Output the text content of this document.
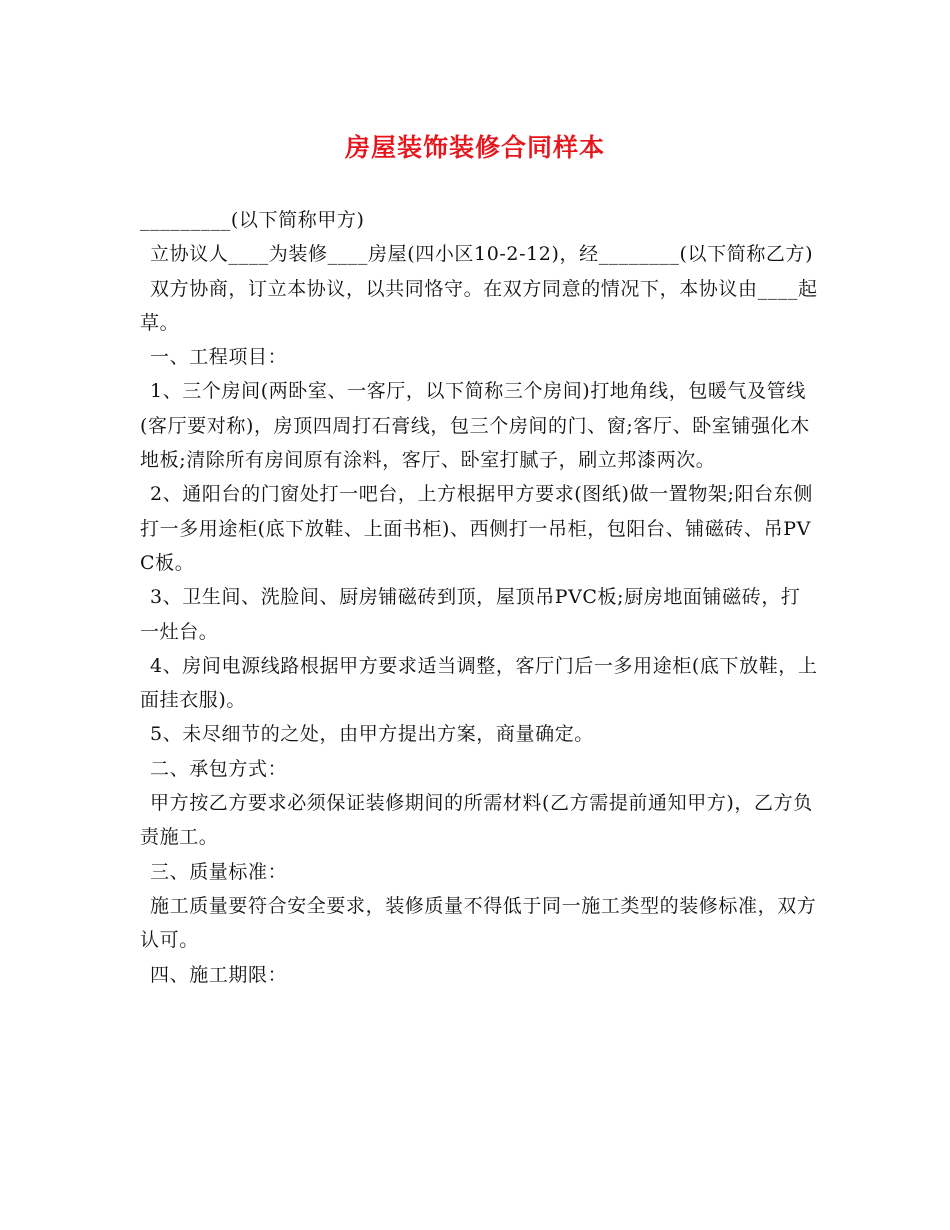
房屋装饰装修合同样本

_________(以下简称甲方)

立协议人____为装修____房屋(四小区10-2-12)，经________(以下简称乙方)

双方协商，订立本协议，以共同恪守。在双方同意的情况下，本协议由____起草。

一、工程项目：

1、三个房间(两卧室、一客厅，以下简称三个房间)打地角线，包暖气及管线(客厅要对称)，房顶四周打石膏线，包三个房间的门、窗;客厅、卧室铺强化木地板;清除所有房间原有涂料，客厅、卧室打腻子，刷立邦漆两次。

2、通阳台的门窗处打一吧台，上方根据甲方要求(图纸)做一置物架;阳台东侧打一多用途柜(底下放鞋、上面书柜)、西侧打一吊柜，包阳台、铺磁砖、吊PVC板。

3、卫生间、洗脸间、厨房铺磁砖到顶，屋顶吊PVC板;厨房地面铺磁砖，打一灶台。

4、房间电源线路根据甲方要求适当调整，客厅门后一多用途柜(底下放鞋，上面挂衣服)。

5、未尽细节的之处，由甲方提出方案，商量确定。

二、承包方式：

甲方按乙方要求必须保证装修期间的所需材料(乙方需提前通知甲方)，乙方负责施工。

三、质量标准：

施工质量要符合安全要求，装修质量不得低于同一施工类型的装修标准，双方认可。

四、施工期限：
